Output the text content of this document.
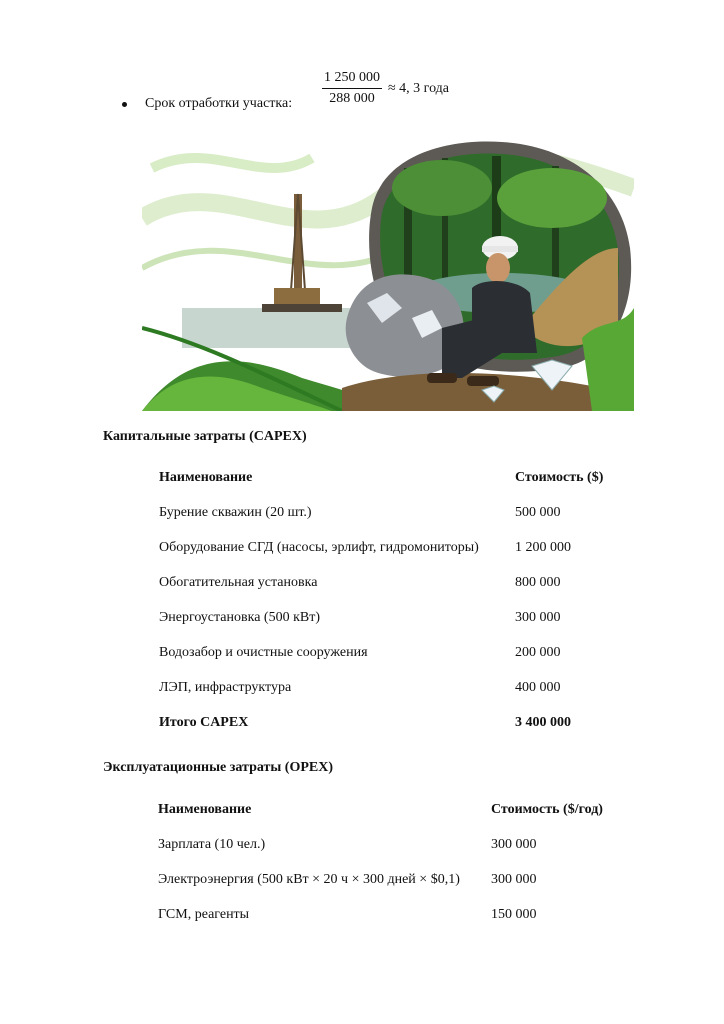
Срок отработки участка: $\frac{1 250 000}{288 000} \approx 4$, 3 года
Капитальные затраты (CAPEX)
Наименование	Стоимость ($)
Бурение скважин (20 шт.)	500 000
Оборудование СГД (насосы, эрлифт, гидромониторы)	1 200 000
Обогатительная установка	800 000
Энергоустановка (500 кВт)	300 000
Водозабор и очистные сооружения	200 000
ЛЭП, инфраструктура	400 000
Итого CAPEX	3 400 000
Эксплуатационные затраты (OPEX)
Наименование	Стоимость ($/год)
Зарплата (10 чел.)	300 000
Электроэнергия (500 кВт × 20 ч × 300 дней × $0,1) 300 000
ГСМ, реагенты	150 000
